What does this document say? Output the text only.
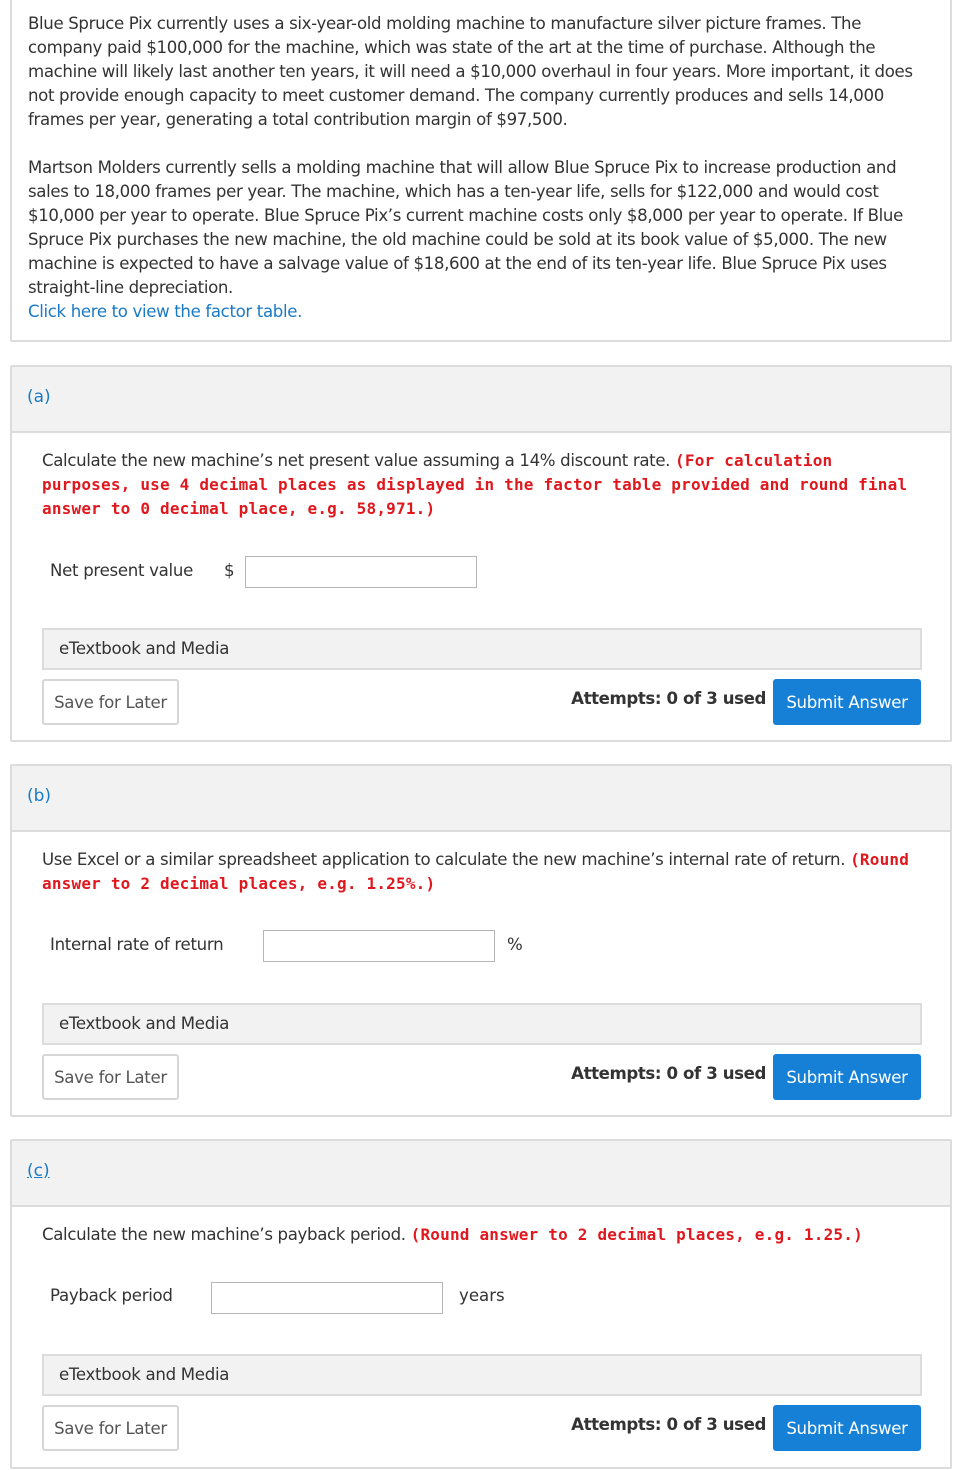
Blue Spruce Pix currently uses a six-year-old molding machine to manufacture silver picture frames. The company paid $100,000 for the machine, which was state of the art at the time of purchase. Although the machine will likely last another ten years, it will need a $10,000 overhaul in four years. More important, it does not provide enough capacity to meet customer demand. The company currently produces and sells 14,000 frames per year, generating a total contribution margin of $97,500.

Martson Molders currently sells a molding machine that will allow Blue Spruce Pix to increase production and sales to 18,000 frames per year. The machine, which has a ten-year life, sells for $122,000 and would cost $10,000 per year to operate. Blue Spruce Pix’s current machine costs only $8,000 per year to operate. If Blue Spruce Pix purchases the new machine, the old machine could be sold at its book value of $5,000. The new machine is expected to have a salvage value of $18,600 at the end of its ten-year life. Blue Spruce Pix uses straight-line depreciation.

Click here to view the factor table.
(a)

Calculate the new machine’s net present value assuming a 14% discount rate. (For calculation purposes, use 4 decimal places as displayed in the factor table provided and round final answer to 0 decimal place, e.g. 58,971.)

Net present value $
eTextbook and Media
Save for Later	Attempts: 0 of 3 used	Submit Answer
(b)

Use Excel or a similar spreadsheet application to calculate the new machine’s internal rate of return. (Round answer to 2 decimal places, e.g. 1.25%.)

Internal rate of return	%
eTextbook and Media
Save for Later	Attempts: 0 of 3 used	Submit Answer
(c)

Calculate the new machine’s payback period. (Round answer to 2 decimal places, e.g. 1.25.)

Payback period	years
eTextbook and Media
Save for Later	Attempts: 0 of 3 used	Submit Answer
